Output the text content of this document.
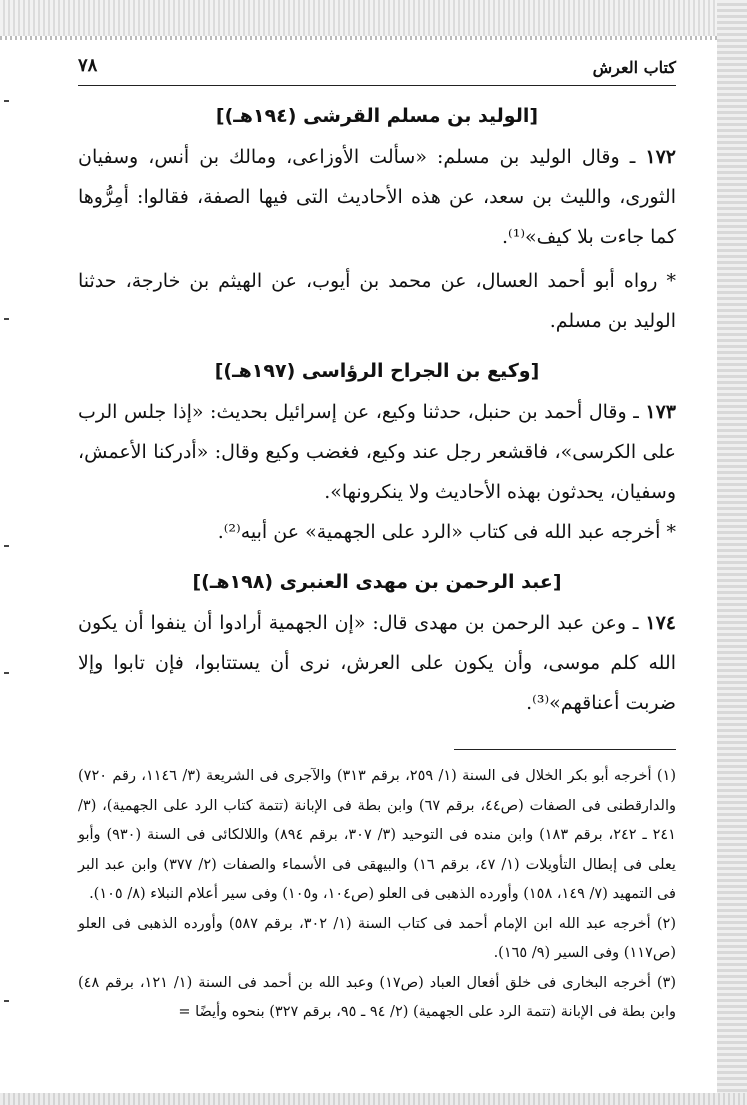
كتاب العرش
٧٨
[الوليد بن مسلم القرشى (١٩٤هـ)]

١٧٢ ـ وقال الوليد بن مسلم: «سألت الأوزاعى، ومالك بن أنس، وسفيان الثورى، والليث بن سعد، عن هذه الأحاديث التى فيها الصفة، فقالوا: أمِرُّوها كما جاءت بلا كيف»⁽¹⁾.

* رواه أبو أحمد العسال، عن محمد بن أيوب، عن الهيثم بن خارجة، حدثنا الوليد بن مسلم.

[وكيع بن الجراح الرؤاسى (١٩٧هـ)]

١٧٣ ـ وقال أحمد بن حنبل، حدثنا وكيع، عن إسرائيل بحديث: «إذا جلس الرب على الكرسى»، فاقشعر رجل عند وكيع، فغضب وكيع وقال: «أدركنا الأعمش، وسفيان، يحدثون بهذه الأحاديث ولا ينكرونها».

* أخرجه عبد الله فى كتاب «الرد على الجهمية» عن أبيه⁽²⁾.

[عبد الرحمن بن مهدى العنبرى (١٩٨هـ)]

١٧٤ ـ وعن عبد الرحمن بن مهدى قال: «إن الجهمية أرادوا أن ينفوا أن يكون الله كلم موسى، وأن يكون على العرش، نرى أن يستتابوا، فإن تابوا وإلا ضربت أعناقهم»⁽³⁾.

(١) أخرجه أبو بكر الخلال فى السنة (١/ ٢٥٩، برقم ٣١٣) والآجرى فى الشريعة (٣/ ١١٤٦، رقم ٧٢٠) والدارقطنى فى الصفات (ص٤٤، برقم ٦٧) وابن بطة فى الإبانة (تتمة كتاب الرد على الجهمية)، (٣/ ٢٤١ ـ ٢٤٢، برقم ١٨٣) وابن منده فى التوحيد (٣/ ٣٠٧، برقم ٨٩٤) واللالكائى فى السنة (٩٣٠) وأبو يعلى فى إبطال التأويلات (١/ ٤٧، برقم ١٦) والبيهقى فى الأسماء والصفات (٢/ ٣٧٧) وابن عبد البر فى التمهيد (٧/ ١٤٩، ١٥٨) وأورده الذهبى فى العلو (ص١٠٤، و١٠٥) وفى سير أعلام النبلاء (٨/ ١٠٥).

(٢) أخرجه عبد الله ابن الإمام أحمد فى كتاب السنة (١/ ٣٠٢، برقم ٥٨٧) وأورده الذهبى فى العلو (ص١١٧) وفى السير (٩/ ١٦٥).

(٣) أخرجه البخارى فى خلق أفعال العباد (ص١٧) وعبد الله بن أحمد فى السنة (١/ ١٢١، برقم ٤٨) وابن بطة فى الإبانة (تتمة الرد على الجهمية) (٢/ ٩٤ ـ ٩٥، برقم ٣٢٧) بنحوه وأيضًا =
